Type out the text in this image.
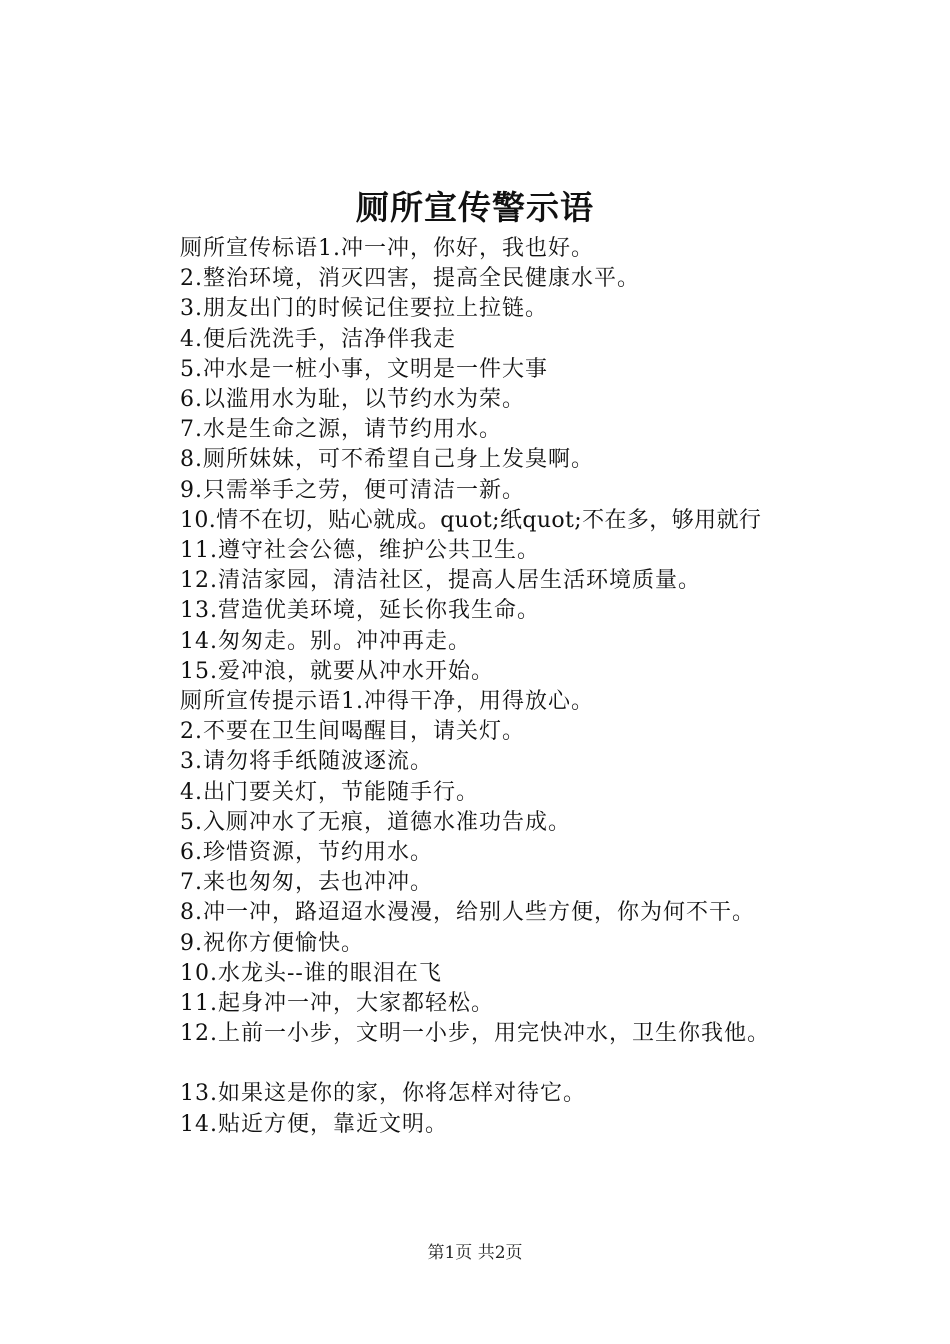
厕所宣传警示语
厕所宣传标语1.冲一冲，你好，我也好。
2.整治环境，消灭四害，提高全民健康水平。
3.朋友出门的时候记住要拉上拉链。
4.便后洗洗手，洁净伴我走
5.冲水是一桩小事，文明是一件大事
6.以滥用水为耻，以节约水为荣。
7.水是生命之源，请节约用水。
8.厕所妹妹，可不希望自己身上发臭啊。
9.只需举手之劳，便可清洁一新。
10.情不在切，贴心就成。quot;纸quot;不在多，够用就行
11.遵守社会公德，维护公共卫生。
12.清洁家园，清洁社区，提高人居生活环境质量。
13.营造优美环境，延长你我生命。
14.匆匆走。别。冲冲再走。
15.爱冲浪，就要从冲水开始。
厕所宣传提示语1.冲得干净，用得放心。
2.不要在卫生间喝醒目，请关灯。
3.请勿将手纸随波逐流。
4.出门要关灯，节能随手行。
5.入厕冲水了无痕，道德水准功告成。
6.珍惜资源，节约用水。
7.来也匆匆，去也冲冲。
8.冲一冲，路迢迢水漫漫，给别人些方便，你为何不干。
9.祝你方便愉快。
10.水龙头--谁的眼泪在飞
11.起身冲一冲，大家都轻松。
12.上前一小步，文明一小步，用完快冲水，卫生你我他。
13.如果这是你的家，你将怎样对待它。
14.贴近方便，靠近文明。
第1页 共2页
